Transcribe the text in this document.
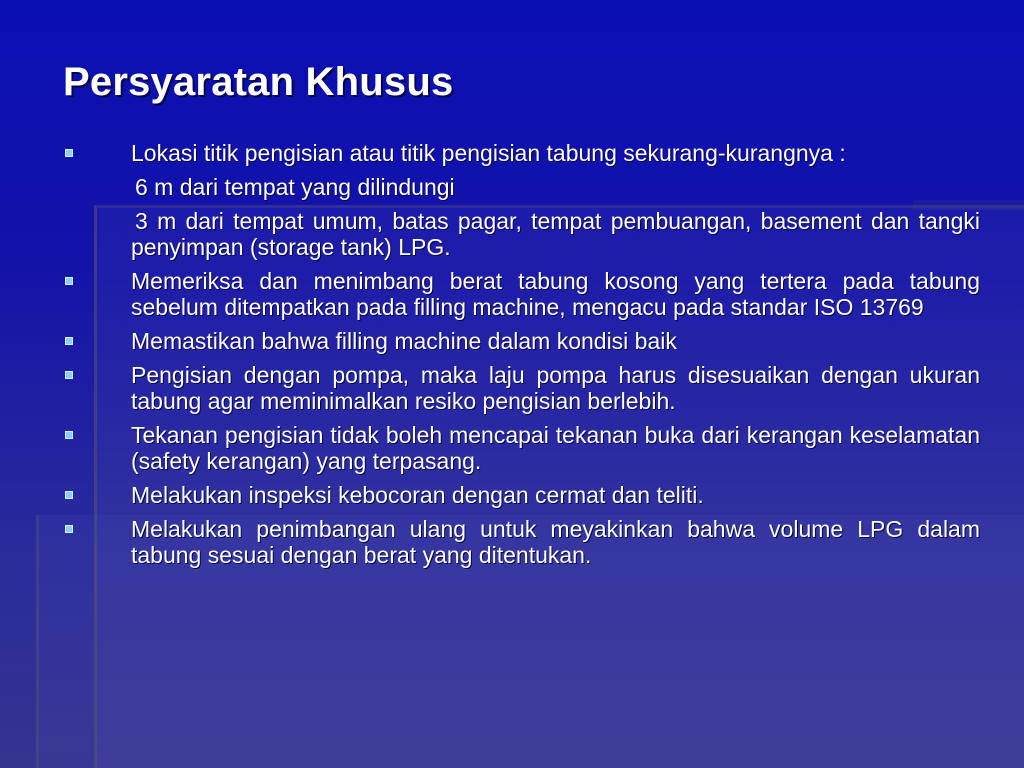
Persyaratan Khusus
Lokasi titik pengisian atau titik pengisian tabung sekurang-kurangnya :
6 m dari tempat yang dilindungi
3 m dari tempat umum, batas pagar, tempat pembuangan, basement dan tangki penyimpan (storage tank) LPG.
Memeriksa dan menimbang berat tabung kosong yang tertera pada tabung sebelum ditempatkan pada filling machine, mengacu pada standar ISO 13769
Memastikan bahwa filling machine dalam kondisi baik
Pengisian dengan pompa, maka laju pompa harus disesuaikan dengan ukuran tabung agar meminimalkan resiko pengisian berlebih.
Tekanan pengisian tidak boleh mencapai tekanan buka dari kerangan keselamatan (safety kerangan) yang terpasang.
Melakukan inspeksi kebocoran dengan cermat dan teliti.
Melakukan penimbangan ulang untuk meyakinkan bahwa volume LPG dalam tabung sesuai dengan berat yang ditentukan.
